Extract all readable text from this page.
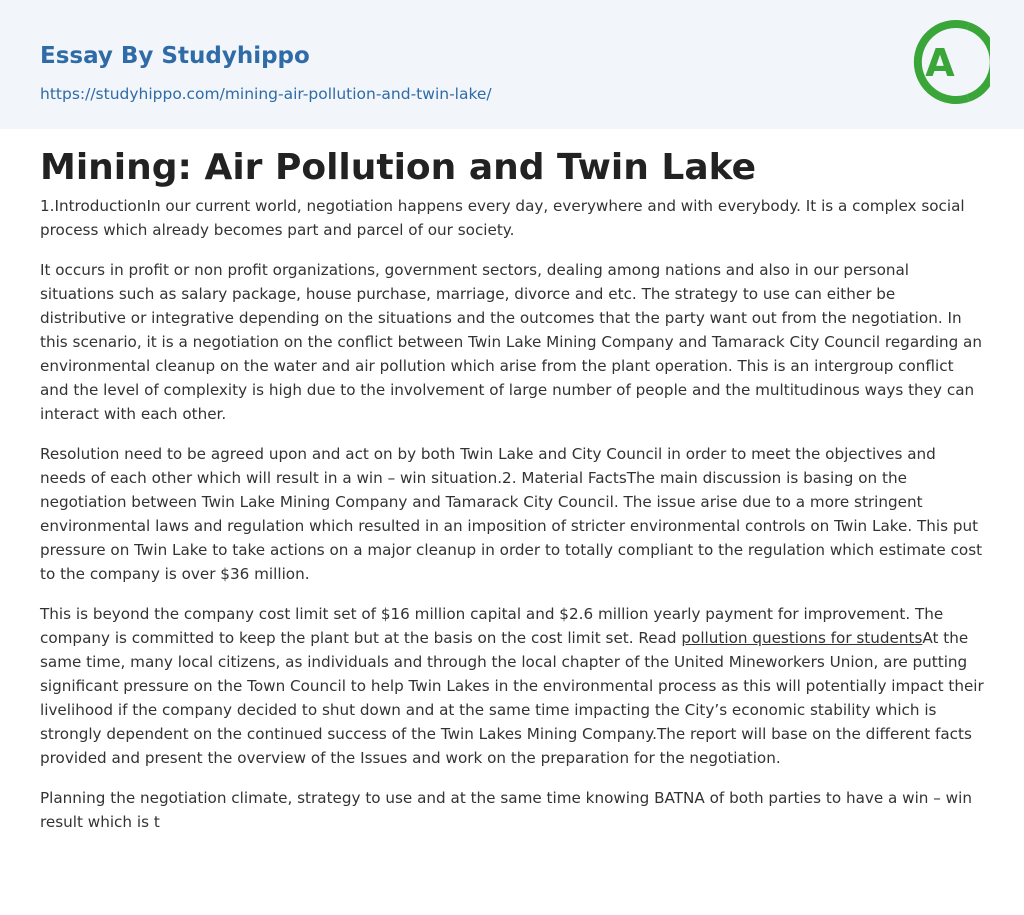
Essay By Studyhippo
https://studyhippo.com/mining-air-pollution-and-twin-lake/
A
Mining: Air Pollution and Twin Lake

1.IntroductionIn our current world, negotiation happens every day, everywhere and with everybody. It is a complex social process which already becomes part and parcel of our society.

It occurs in profit or non profit organizations, government sectors, dealing among nations and also in our personal situations such as salary package, house purchase, marriage, divorce and etc. The strategy to use can either be distributive or integrative depending on the situations and the outcomes that the party want out from the negotiation. In this scenario, it is a negotiation on the conflict between Twin Lake Mining Company and Tamarack City Council regarding an environmental cleanup on the water and air pollution which arise from the plant operation. This is an intergroup conflict and the level of complexity is high due to the involvement of large number of people and the multitudinous ways they can interact with each other.

Resolution need to be agreed upon and act on by both Twin Lake and City Council in order to meet the objectives and needs of each other which will result in a win – win situation.2. Material FactsThe main discussion is basing on the negotiation between Twin Lake Mining Company and Tamarack City Council. The issue arise due to a more stringent environmental laws and regulation which resulted in an imposition of stricter environmental controls on Twin Lake. This put pressure on Twin Lake to take actions on a major cleanup in order to totally compliant to the regulation which estimate cost to the company is over $36 million.

This is beyond the company cost limit set of $16 million capital and $2.6 million yearly payment for improvement. The company is committed to keep the plant but at the basis on the cost limit set. Read pollution questions for studentsAt the same time, many local citizens, as individuals and through the local chapter of the United Mineworkers Union, are putting significant pressure on the Town Council to help Twin Lakes in the environmental process as this will potentially impact their livelihood if the company decided to shut down and at the same time impacting the City’s economic stability which is strongly dependent on the continued success of the Twin Lakes Mining Company.The report will base on the different facts provided and present the overview of the Issues and work on the preparation for the negotiation.

Planning the negotiation climate, strategy to use and at the same time knowing BATNA of both parties to have a win – win result which is t
